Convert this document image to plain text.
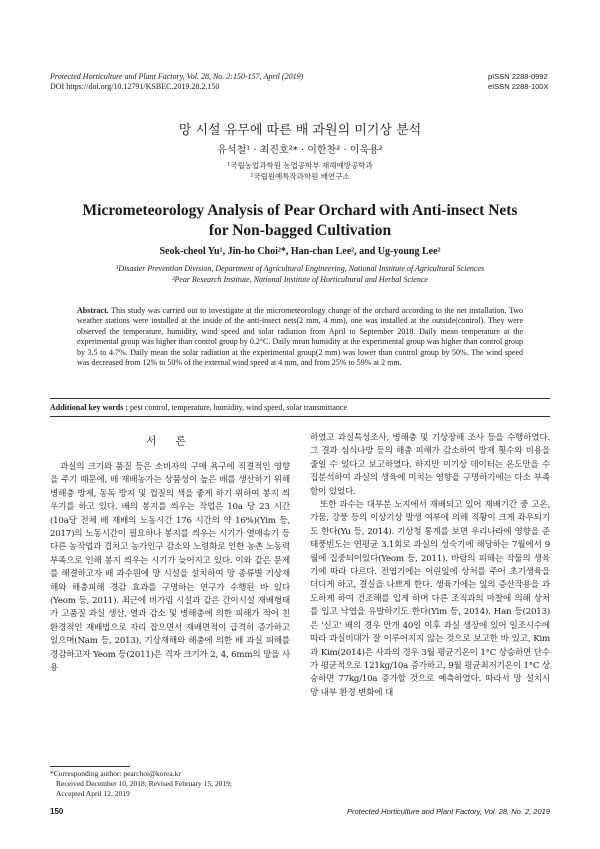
Protected Horticulture and Plant Factory, Vol. 28, No. 2:150-157, April (2019)
DOI https://doi.org/10.12791/KSBEC.2019.28.2.150
pISSN 2288-0992
eISSN 2288-100X
망 시설 유무에 따른 배 과원의 미기상 분석
유석철¹ · 최진호²* · 이한찬² · 이욱용²
¹국립농업과학원 농업공학부 재해예방공학과
²국립원예특작과학원 배연구소
Micrometeorology Analysis of Pear Orchard with Anti-insect Nets
for Non-bagged Cultivation
Seok-cheol Yu¹, Jin-ho Choi²*, Han-chan Lee², and Ug-young Lee²
¹Disaster Prevention Division, Department of Agricultural Engineering, National Institute of Agricultural Sciences
²Pear Research Institute, National Institute of Horticultural and Herbal Science
Abstract. This study was carried out to investigate at the micrometeorology change of the orchard according to the net installation. Two weather stations were installed at the inside of the anti-insect nets(2 mm, 4 mm), one was installed at the outside(control). They were observed the temperature, humidity, wind speed and solar radiation from April to September 2018. Daily mean temperature at the experimental group was higher than control group by 0.2°C. Daily mean humidity at the experimental group was higher than control group by 3.5 to 4.7%. Daily mean the solar radiation at the experimental group(2 mm) was lower than control group by 50%. The wind speed was decreased from 12% to 50% of the external wind speed at 4 mm, and from 25% to 59% at 2 mm.
Additional key words : pest control, temperature, humidity, wind speed, solar transmittance
서 론

과실의 크기와 품질 등은 소비자의 구매 욕구에 직결적인 영향을 주기 때문에, 배 재배농가는 상품성이 높은 배를 생산하기 위해 병해충 방제, 동독 방지 및 껍질의 색을 좋게 하기 위하여 봉지 씌우기를 하고 있다. 배의 봉지를 씌우는 작업은 10a 당 23 시간(10a당 전체 배 재배의 노동시간 176 시간의 약 16%)(Yim 등, 2017)의 노동시간이 필요하나 봉지를 씌우는 시기가 열매솎기 등 다른 농작업과 겹치고 농가인구 감소와 노령화로 인한 농촌 노동력 부족으로 인해 봉지 씌우는 시기가 늦어지고 있다. 이와 같은 문제를 해결하고자 배 과수원에 망 시설을 설치하여 망 종류별 기상재해와 해충피해 경감 효과를 구명하는 연구가 수행된 바 있다(Yeom 등, 2011). 최근에 비가림 시설과 같은 간이시설 재배형태가 고품질 과실 생산, 열과 감소 및 병해충에 의한 피해가 적어 친환경적인 재배법으로 자리 잡으면서 재배면적이 급격히 증가하고 있으며(Nam 등, 2013), 기상재해와 해충에 의한 배 과실 피해를 경감하고자 Yeom 등(2011)은 격자 크기가 2, 4, 6mm의 망을 사용

하였고 과실특성조사, 병해충 및 기상장해 조사 등을 수행하였다. 그 결과 심식나방 등의 해충 피해가 감소하여 방제 횟수와 비용을 줄일 수 있다고 보고하였다. 하지만 미기상 데이터는 온도만을 수집분석하여 과실의 생육에 미치는 영향을 구명하기에는 다소 부족함이 있었다.

또한 과수는 대부분 노지에서 재배되고 있어 재배기간 중 고온, 가뭄, 강풍 등의 이상기상 발생 여부에 의해 직황이 크게 좌우되기도 한다(Yu 등, 2014). 기상청 통계를 보면 우리나라에 영향을 준 태풍빈도는 연평균 3.1회로 과실의 성숙기에 해당하는 7월에서 9월에 집중되어있다(Yeom 등, 2011). 바람의 피해는 작물의 생육기에 따라 다르다. 전엽기에는 어린잎에 상처를 주어 초기생육을 더디게 하고, 결실을 나쁘게 한다. 생육기에는 잎의 증산작용을 과도하게 하여 건조해를 입게 하며 다른 조직과의 마찰에 의해 상처를 입고 낙엽을 유발하기도 한다(Yim 등, 2014). Han 등(2013)은 '신고' 배의 경우 만개 40일 이후 과실 생장에 있어 일조시수에 따라 과실비대가 잘 이루어지지 않는 것으로 보고한 바 있고, Kim과 Kim(2014)은 사과의 경우 3월 평균기온이 1°C 상승하면 단수가 평균적으로 121kg/10a 증가하고, 9월 평균최저기온이 1°C 상승하면 77kg/10a 증가할 것으로 예측하였다. 따라서 망 설치시 망 내부 환경 변화에 대

*Corresponding author: pearchoi@korea.kr
Received December 10, 2018; Revised February 15, 2019;
Accepted April 12, 2019
150	Protected Horticulture and Plant Factory, Vol. 28, No. 2, 2019
